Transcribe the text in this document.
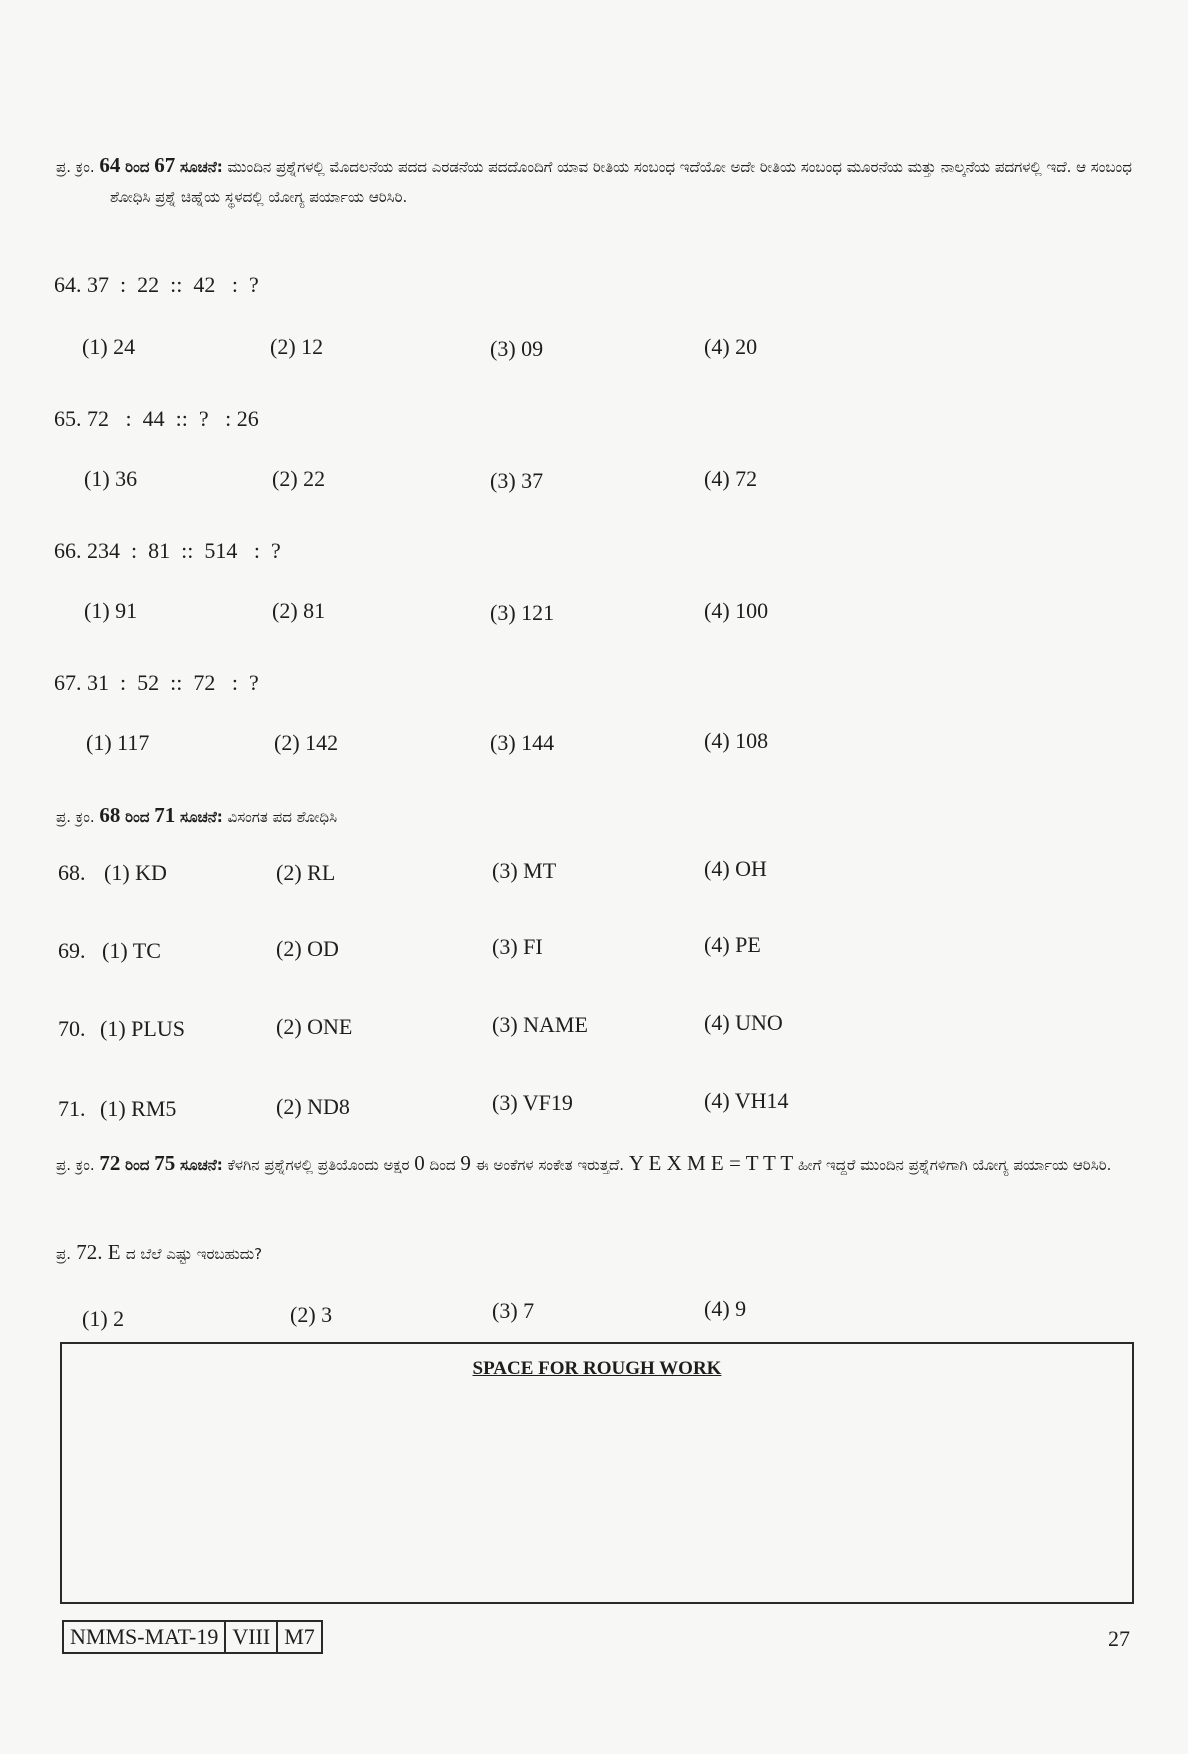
ಪ್ರ. ಕ್ರಂ. 64 ರಿಂದ 67 ಸೂಚನೆ: ಮುಂದಿನ ಪ್ರಶ್ನೆಗಳಲ್ಲಿ ಮೊದಲನೆಯ ಪದದ ಎರಡನೆಯ ಪದದೊಂದಿಗೆ ಯಾವ ರೀತಿಯ ಸಂಬಂಧ ಇದೆಯೋ ಅದೇ ರೀತಿಯ ಸಂಬಂಧ ಮೂರನೆಯ ಮತ್ತು ನಾಲ್ಕನೆಯ ಪದಗಳಲ್ಲಿ ಇದೆ. ಆ ಸಂಬಂಧ ಶೋಧಿಸಿ ಪ್ರಶ್ನೆ ಚಿಹ್ನೆಯ ಸ್ಥಳದಲ್ಲಿ ಯೋಗ್ಯ ಪರ್ಯಾಯ ಆರಿಸಿರಿ.
64. 37  :  22  ::  42   :  ?
(1) 24	(2) 12	(3) 09	(4) 20
65. 72   :  44  ::  ?   : 26
(1) 36	(2) 22	(3) 37	(4) 72
66. 234  :  81  ::  514   :  ?
(1) 91	(2) 81	(3) 121	(4) 100
67. 31  :  52  ::  72   :  ?
(1) 117	(2) 142	(3) 144	(4) 108
ಪ್ರ. ಕ್ರಂ. 68 ರಿಂದ 71 ಸೂಚನೆ: ವಿಸಂಗತ ಪದ ಶೋಧಿಸಿ
68. (1) KD	(2) RL	(3) MT	(4) OH
69. (1) TC	(2) OD	(3) FI	(4) PE
70. (1) PLUS	(2) ONE	(3) NAME	(4) UNO
71. (1) RM5	(2) ND8	(3) VF19	(4) VH14
ಪ್ರ. ಕ್ರಂ. 72 ರಿಂದ 75 ಸೂಚನೆ: ಕೆಳಗಿನ ಪ್ರಶ್ನೆಗಳಲ್ಲಿ ಪ್ರತಿಯೊಂದು ಅಕ್ಷರ 0 ದಿಂದ 9 ಈ ಅಂಕೆಗಳ ಸಂಕೇತ ಇರುತ್ತದೆ. Y E X M E = T T T ಹೀಗೆ ಇದ್ದರೆ ಮುಂದಿನ ಪ್ರಶ್ನೆಗಳಿಗಾಗಿ ಯೋಗ್ಯ ಪರ್ಯಾಯ ಆರಿಸಿರಿ.
ಪ್ರ. 72. E ದ ಬೆಲೆ ಎಷ್ಟು ಇರಬಹುದು?
(1) 2	(2) 3	(3) 7	(4) 9
SPACE FOR ROUGH WORK
NMMS-MAT-19 VIII M7	27
